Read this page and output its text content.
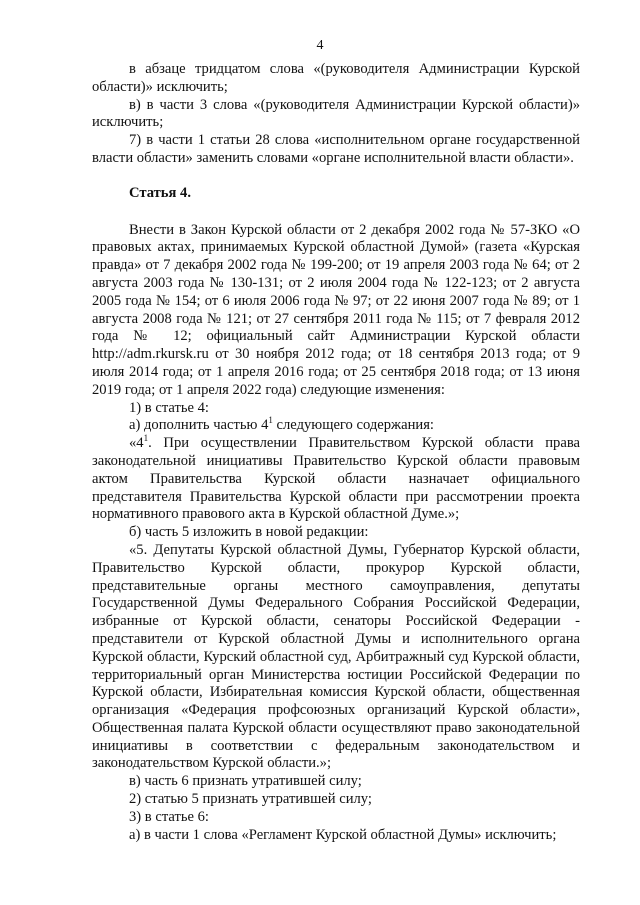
4

в абзаце тридцатом слова «(руководителя Администрации Курской области)» исключить;

в) в части 3 слова «(руководителя Администрации Курской области)» исключить;

7) в части 1 статьи 28 слова «исполнительном органе государственной власти области» заменить словами «органе исполнительной власти области».

Статья 4.

Внести в Закон Курской области от 2 декабря 2002 года № 57-ЗКО «О правовых актах, принимаемых Курской областной Думой» (газета «Курская правда» от 7 декабря 2002 года № 199-200; от 19 апреля 2003 года № 64; от 2 августа 2003 года № 130-131; от 2 июля 2004 года № 122-123; от 2 августа 2005 года № 154; от 6 июля 2006 года № 97; от 22 июня 2007 года № 89; от 1 августа 2008 года № 121; от 27 сентября 2011 года № 115; от 7 февраля 2012 года № 12; официальный сайт Администрации Курской области http://adm.rkursk.ru от 30 ноября 2012 года; от 18 сентября 2013 года; от 9 июля 2014 года; от 1 апреля 2016 года; от 25 сентября 2018 года; от 13 июня 2019 года; от 1 апреля 2022 года) следующие изменения:

1) в статье 4:

а) дополнить частью $4^1$ следующего содержания:

«$4^1$. При осуществлении Правительством Курской области права законодательной инициативы Правительство Курской области правовым актом Правительства Курской области назначает официального представителя Правительства Курской области при рассмотрении проекта нормативного правового акта в Курской областной Думе.»;

б) часть 5 изложить в новой редакции:

«5. Депутаты Курской областной Думы, Губернатор Курской области, Правительство Курской области, прокурор Курской области, представительные органы местного самоуправления, депутаты Государственной Думы Федерального Собрания Российской Федерации, избранные от Курской области, сенаторы Российской Федерации - представители от Курской областной Думы и исполнительного органа Курской области, Курский областной суд, Арбитражный суд Курской области, территориальный орган Министерства юстиции Российской Федерации по Курской области, Избирательная комиссия Курской области, общественная организация «Федерация профсоюзных организаций Курской области», Общественная палата Курской области осуществляют право законодательной инициативы в соответствии с федеральным законодательством и законодательством Курской области.»;

в) часть 6 признать утратившей силу;

2) статью 5 признать утратившей силу;

3) в статье 6:

а) в части 1 слова «Регламент Курской областной Думы» исключить;
